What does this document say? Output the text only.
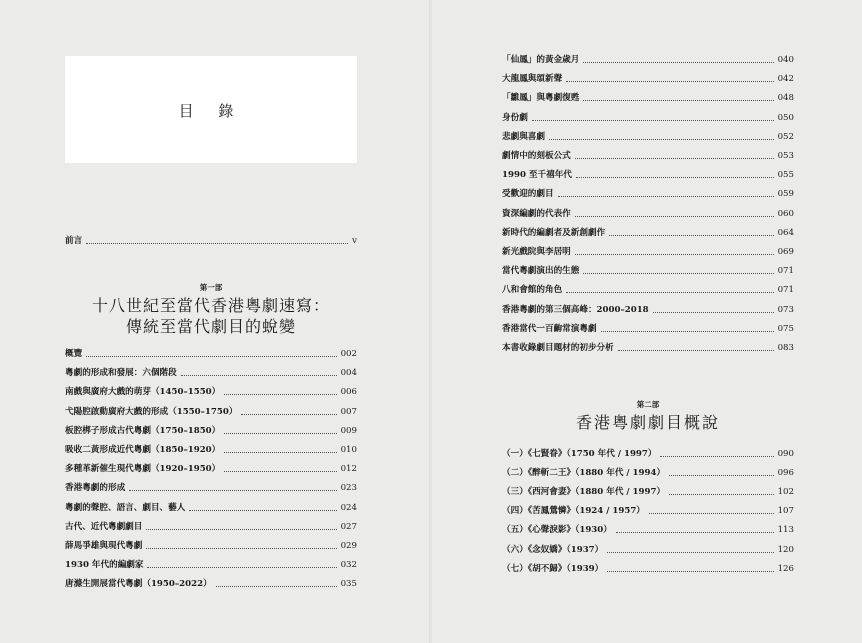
目 錄
前言	v
第一部
十八世紀至當代香港粵劇速寫：
傳統至當代劇目的蛻變
概覽	002
粵劇的形成和發展：六個階段	004
南戲與廣府大戲的萌芽（1450–1550）	006
弋陽腔啟動廣府大戲的形成（1550–1750）	007
板腔梆子形成古代粵劇（1750–1850）	009
吸收二黃形成近代粵劇（1850–1920）	010
多種革新催生現代粵劇（1920–1950）	012
香港粵劇的形成	023
粵劇的聲腔、語言、劇目、藝人	024
古代、近代粵劇劇目	027
薛馬爭雄與現代粵劇	029
1930 年代的編劇家	032
唐滌生開展當代粵劇（1950–2022）	035
「仙鳳」的黃金歲月	040
大龍鳳與頌新聲	042
「雛鳳」與粵劇復甦	048
身份劇	050
悲劇與喜劇	052
劇情中的刻板公式	053
1990 至千禧年代	055
受歡迎的劇目	059
資深編劇的代表作	060
新時代的編劇者及新創劇作	064
新光戲院與李居明	069
當代粵劇演出的生態	071
八和會館的角色	071
香港粵劇的第三個高峰：2000–2018	073
香港當代一百齣常演粵劇	075
本書收錄劇目題材的初步分析	083
第二部
香港粵劇劇目概說
（一）《七賢眷》（1750 年代 / 1997）	090
（二）《醉斬二王》（1880 年代 / 1994）	096
（三）《西河會妻》（1880 年代 / 1997）	102
（四）《苦鳳鶯憐》（1924 / 1957）	107
（五）《心聲淚影》（1930）	113
（六）《念奴嬌》（1937）	120
（七）《胡不歸》（1939）	126
